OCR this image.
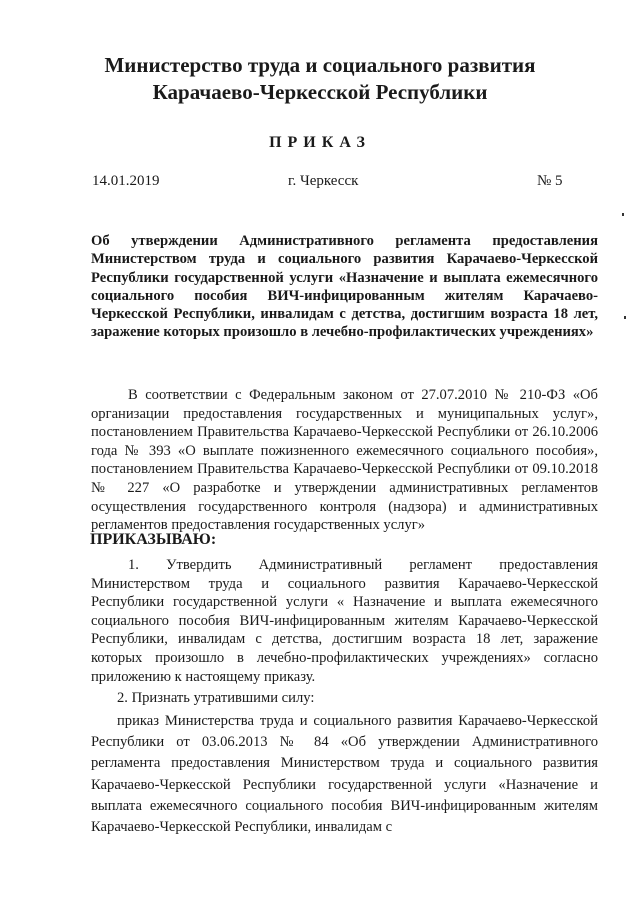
Министерство труда и социального развития
Карачаево-Черкесской Республики
ПРИКАЗ
14.01.2019	г. Черкесск	№ 5
Об утверждении Административного регламента предоставления Министерством труда и социального развития Карачаево-Черкесской Республики государственной услуги «Назначение и выплата ежемесячного социального пособия ВИЧ-инфицированным жителям Карачаево-Черкесской Республики, инвалидам с детства, достигшим возраста 18 лет, заражение которых произошло в лечебно-профилактических учреждениях»
В соответствии с Федеральным законом от 27.07.2010 № 210-ФЗ «Об организации предоставления государственных и муниципальных услуг», постановлением Правительства Карачаево-Черкесской Республики от 26.10.2006 года № 393 «О выплате пожизненного ежемесячного социального пособия», постановлением Правительства Карачаево-Черкесской Республики от 09.10.2018 № 227 «О разработке и утверждении административных регламентов осуществления государственного контроля (надзора) и административных регламентов предоставления государственных услуг»
ПРИКАЗЫВАЮ:
1. Утвердить Административный регламент предоставления Министерством труда и социального развития Карачаево-Черкесской Республики государственной услуги « Назначение и выплата ежемесячного социального пособия ВИЧ-инфицированным жителям Карачаево-Черкесской Республики, инвалидам с детства, достигшим возраста 18 лет, заражение которых произошло в лечебно-профилактических учреждениях» согласно приложению к настоящему приказу.
2. Признать утратившими силу:
приказ Министерства труда и социального развития Карачаево-Черкесской Республики от 03.06.2013 № 84 «Об утверждении Административного регламента предоставления Министерством труда и социального развития Карачаево-Черкесской Республики государственной услуги «Назначение и выплата ежемесячного социального пособия ВИЧ-инфицированным жителям Карачаево-Черкесской Республики, инвалидам с
